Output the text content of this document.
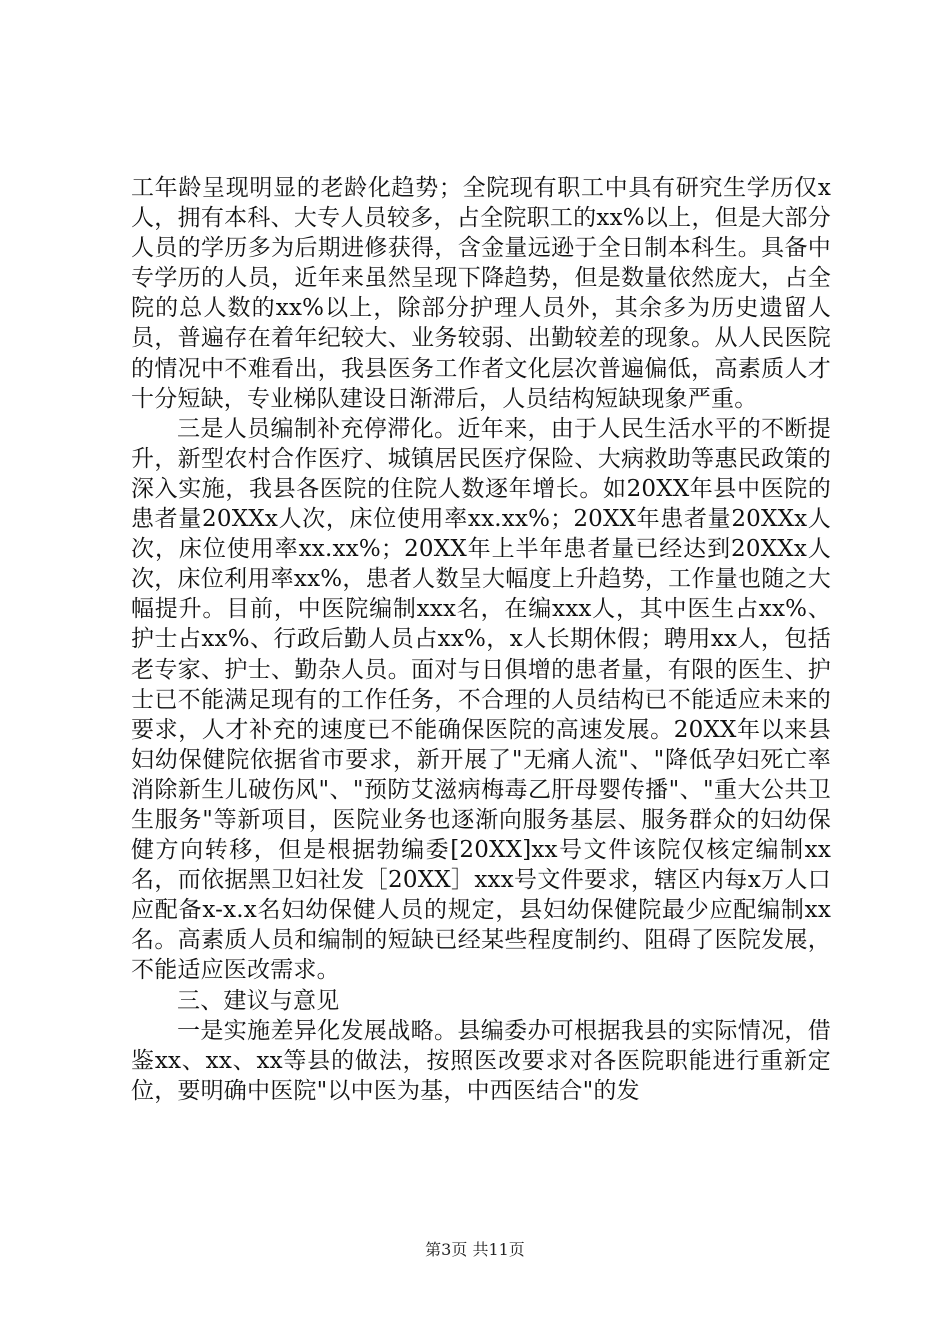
工年龄呈现明显的老龄化趋势；全院现有职工中具有研究生学历仅x人，拥有本科、大专人员较多，占全院职工的xx%以上，但是大部分人员的学历多为后期进修获得，含金量远逊于全日制本科生。具备中专学历的人员，近年来虽然呈现下降趋势，但是数量依然庞大，占全院的总人数的xx%以上，除部分护理人员外，其余多为历史遗留人员，普遍存在着年纪较大、业务较弱、出勤较差的现象。从人民医院的情况中不难看出，我县医务工作者文化层次普遍偏低，高素质人才十分短缺，专业梯队建设日渐滞后，人员结构短缺现象严重。

三是人员编制补充停滞化。近年来，由于人民生活水平的不断提升，新型农村合作医疗、城镇居民医疗保险、大病救助等惠民政策的深入实施，我县各医院的住院人数逐年增长。如20XX年县中医院的患者量20XXx人次，床位使用率xx.xx%；20XX年患者量20XXx人次，床位使用率xx.xx%；20XX年上半年患者量已经达到20XXx人次，床位利用率xx%，患者人数呈大幅度上升趋势，工作量也随之大幅提升。目前，中医院编制xxx名，在编xxx人，其中医生占xx%、护士占xx%、行政后勤人员占xx%，x人长期休假；聘用xx人，包括老专家、护士、勤杂人员。面对与日俱增的患者量，有限的医生、护士已不能满足现有的工作任务，不合理的人员结构已不能适应未来的要求，人才补充的速度已不能确保医院的高速发展。20XX年以来县妇幼保健院依据省市要求，新开展了"无痛人流"、"降低孕妇死亡率消除新生儿破伤风"、"预防艾滋病梅毒乙肝母婴传播"、"重大公共卫生服务"等新项目，医院业务也逐渐向服务基层、服务群众的妇幼保健方向转移，但是根据勃编委[20XX]xx号文件该院仅核定编制xx名，而依据黑卫妇社发［20XX］xxx号文件要求，辖区内每x万人口应配备x-x.x名妇幼保健人员的规定，县妇幼保健院最少应配编制xx名。高素质人员和编制的短缺已经某些程度制约、阻碍了医院发展，不能适应医改需求。

三、建议与意见

一是实施差异化发展战略。县编委办可根据我县的实际情况，借鉴xx、xx、xx等县的做法，按照医改要求对各医院职能进行重新定位，要明确中医院"以中医为基，中西医结合"的发

第3页 共11页
